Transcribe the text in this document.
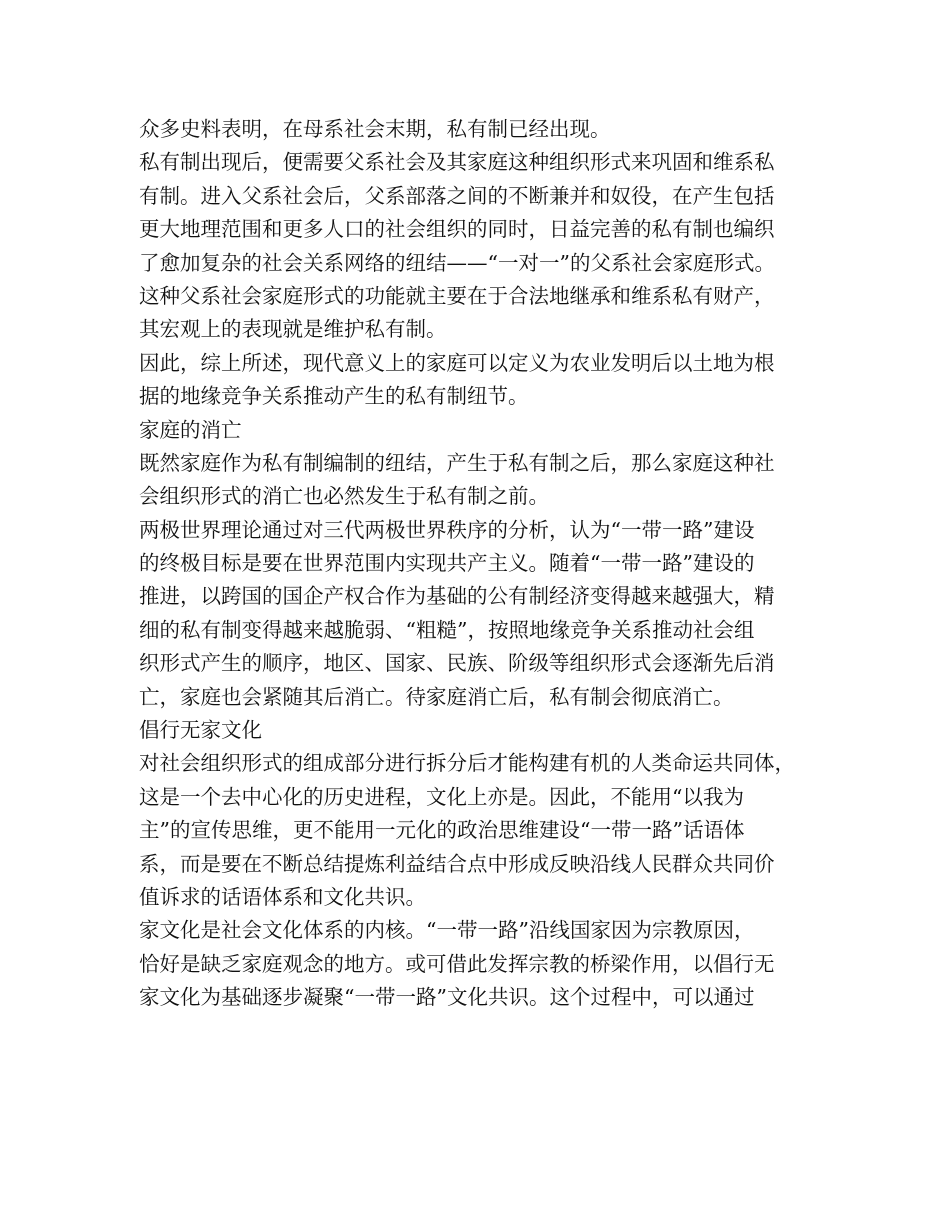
众多史料表明，在母系社会末期，私有制已经出现。
私有制出现后，便需要父系社会及其家庭这种组织形式来巩固和维系私
有制。进入父系社会后，父系部落之间的不断兼并和奴役，在产生包括
更大地理范围和更多人口的社会组织的同时，日益完善的私有制也编织
了愈加复杂的社会关系网络的纽结——“一对一”的父系社会家庭形式。
这种父系社会家庭形式的功能就主要在于合法地继承和维系私有财产，
其宏观上的表现就是维护私有制。
因此，综上所述，现代意义上的家庭可以定义为农业发明后以土地为根
据的地缘竞争关系推动产生的私有制纽节。
家庭的消亡
既然家庭作为私有制编制的纽结，产生于私有制之后，那么家庭这种社
会组织形式的消亡也必然发生于私有制之前。
两极世界理论通过对三代两极世界秩序的分析，认为“一带一路”建设
的终极目标是要在世界范围内实现共产主义。随着“一带一路”建设的
推进，以跨国的国企产权合作为基础的公有制经济变得越来越强大，精
细的私有制变得越来越脆弱、“粗糙”，按照地缘竞争关系推动社会组
织形式产生的顺序，地区、国家、民族、阶级等组织形式会逐渐先后消
亡，家庭也会紧随其后消亡。待家庭消亡后，私有制会彻底消亡。
倡行无家文化
对社会组织形式的组成部分进行拆分后才能构建有机的人类命运共同体，
这是一个去中心化的历史进程，文化上亦是。因此，不能用“以我为
主”的宣传思维，更不能用一元化的政治思维建设“一带一路”话语体
系，而是要在不断总结提炼利益结合点中形成反映沿线人民群众共同价
值诉求的话语体系和文化共识。
家文化是社会文化体系的内核。“一带一路”沿线国家因为宗教原因，
恰好是缺乏家庭观念的地方。或可借此发挥宗教的桥梁作用，以倡行无
家文化为基础逐步凝聚“一带一路”文化共识。这个过程中，可以通过
